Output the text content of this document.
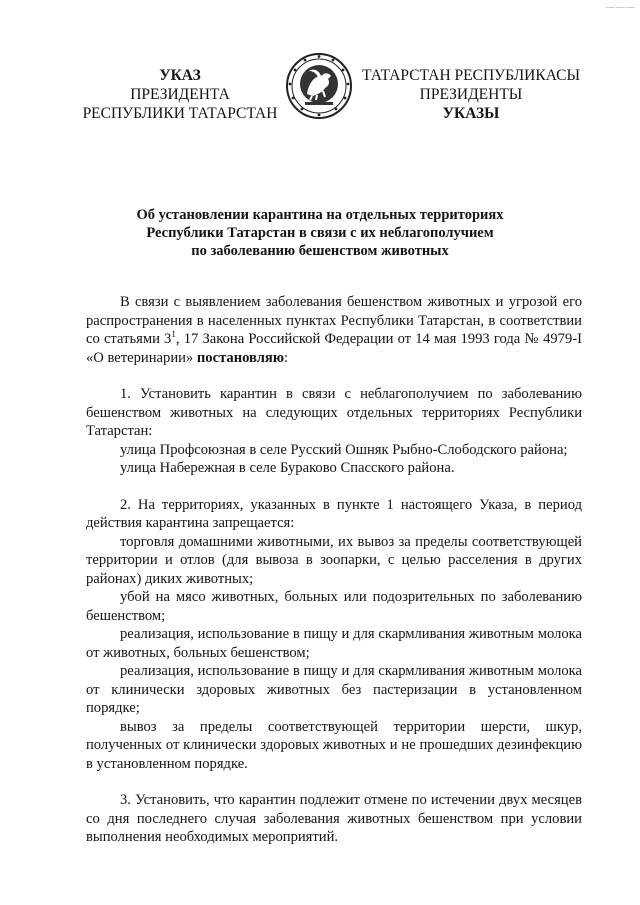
———
УКАЗ
ПРЕЗИДЕНТА
РЕСПУБЛИКИ ТАТАРСТАН
ТАТАРСТАН РЕСПУБЛИКАСЫ
ПРЕЗИДЕНТЫ
УКАЗЫ
Об установлении карантина на отдельных территориях
Республики Татарстан в связи с их неблагополучием
по заболеванию бешенством животных

В связи с выявлением заболевания бешенством животных и угрозой его распространения в населенных пунктах Республики Татарстан, в соответствии со статьями $3^1$, 17 Закона Российской Федерации от 14 мая 1993 года № 4979-I «О ветеринарии» постановляю:

1. Установить карантин в связи с неблагополучием по заболеванию бешенством животных на следующих отдельных территориях Республики Татарстан:

улица Профсоюзная в селе Русский Ошняк Рыбно-Слободского района;

улица Набережная в селе Бураково Спасского района.

2. На территориях, указанных в пункте 1 настоящего Указа, в период действия карантина запрещается:

торговля домашними животными, их вывоз за пределы соответствующей территории и отлов (для вывоза в зоопарки, с целью расселения в других районах) диких животных;

убой на мясо животных, больных или подозрительных по заболеванию бешенством;

реализация, использование в пищу и для скармливания животным молока от животных, больных бешенством;

реализация, использование в пищу и для скармливания животным молока от клинически здоровых животных без пастеризации в установленном порядке;

вывоз за пределы соответствующей территории шерсти, шкур, полученных от клинически здоровых животных и не прошедших дезинфекцию в установленном порядке.

3. Установить, что карантин подлежит отмене по истечении двух месяцев со дня последнего случая заболевания животных бешенством при условии выполнения необходимых мероприятий.
